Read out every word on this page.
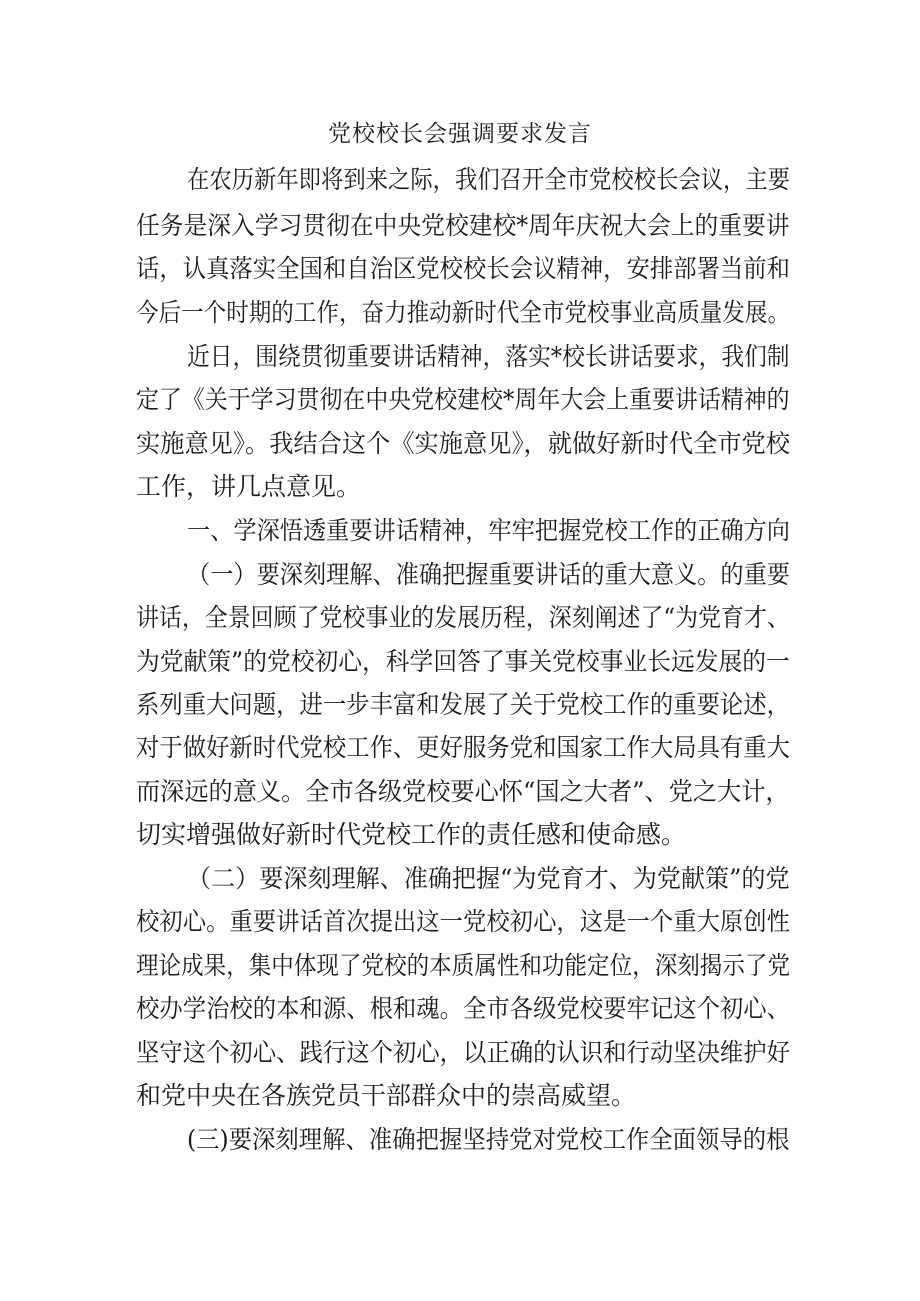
党校校长会强调要求发言
在农历新年即将到来之际，我们召开全市党校校长会议，主要
任务是深入学习贯彻在中央党校建校*周年庆祝大会上的重要讲
话，认真落实全国和自治区党校校长会议精神，安排部署当前和
今后一个时期的工作，奋力推动新时代全市党校事业高质量发展。
近日，围绕贯彻重要讲话精神，落实*校长讲话要求，我们制
定了《关于学习贯彻在中央党校建校*周年大会上重要讲话精神的
实施意见》。我结合这个《实施意见》，就做好新时代全市党校
工作，讲几点意见。
一、学深悟透重要讲话精神，牢牢把握党校工作的正确方向
（一）要深刻理解、准确把握重要讲话的重大意义。的重要
讲话，全景回顾了党校事业的发展历程，深刻阐述了“为党育才、
为党献策”的党校初心，科学回答了事关党校事业长远发展的一
系列重大问题，进一步丰富和发展了关于党校工作的重要论述，
对于做好新时代党校工作、更好服务党和国家工作大局具有重大
而深远的意义。全市各级党校要心怀“国之大者”、党之大计，
切实增强做好新时代党校工作的责任感和使命感。
（二）要深刻理解、准确把握“为党育才、为党献策”的党
校初心。重要讲话首次提出这一党校初心，这是一个重大原创性
理论成果，集中体现了党校的本质属性和功能定位，深刻揭示了党
校办学治校的本和源、根和魂。全市各级党校要牢记这个初心、
坚守这个初心、践行这个初心，以正确的认识和行动坚决维护好
和党中央在各族党员干部群众中的崇高威望。
(三)要深刻理解、准确把握坚持党对党校工作全面领导的根
